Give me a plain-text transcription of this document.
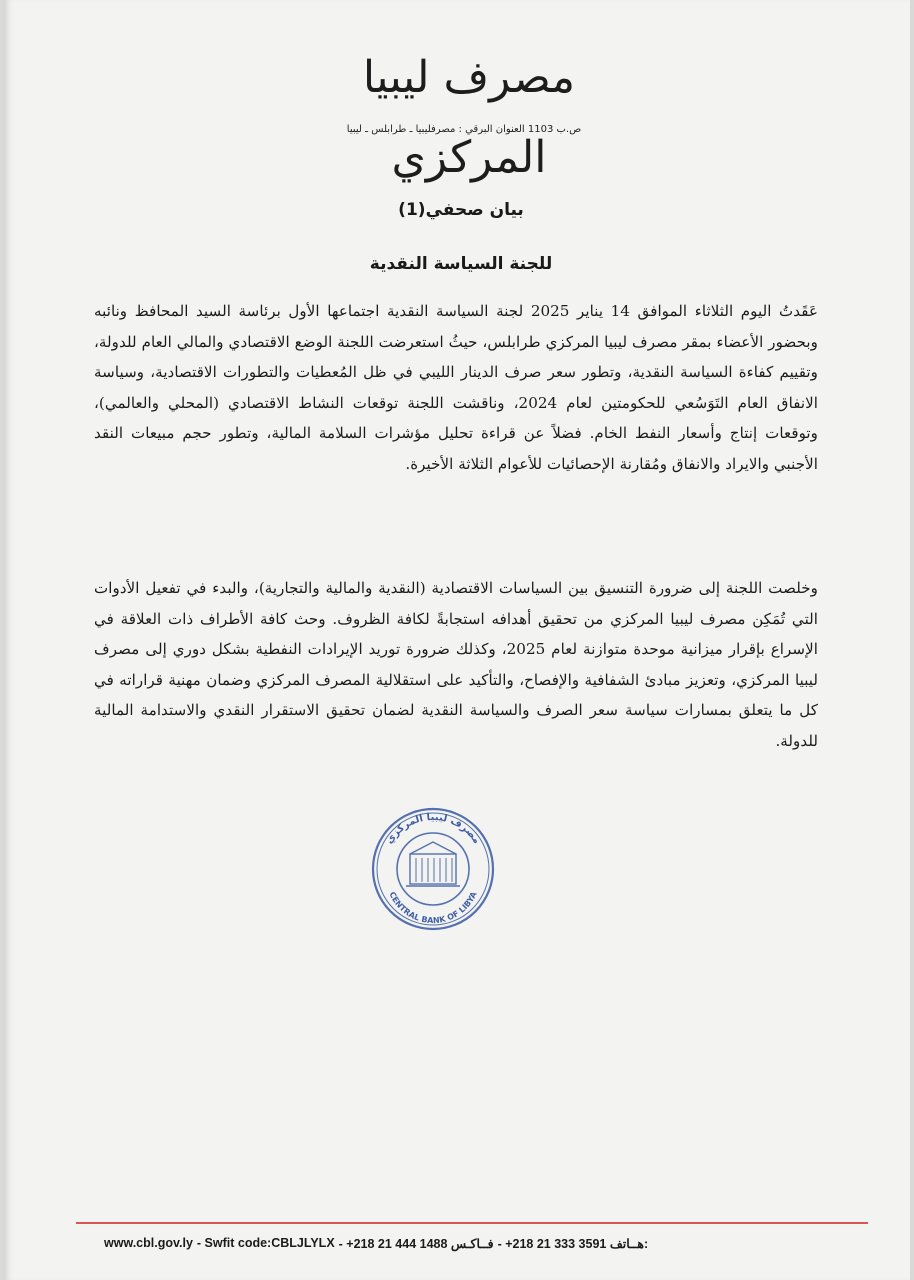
مصرف ليبيا المركزي
ص.ب 1103 العنوان البرقي : مصرفليبيا ـ طرابلس ـ ليبيا
بيان صحفي(1)
للجنة السياسة النقدية

عَقَدتُ اليوم الثلاثاء الموافق 14 يناير 2025 لجنة السياسة النقدية اجتماعها الأول برئاسة السيد المحافظ ونائبه وبحضور الأعضاء بمقر مصرف ليبيا المركزي طرابلس، حيثُ استعرضت اللجنة الوضع الاقتصادي والمالي العام للدولة، وتقييم كفاءة السياسة النقدية، وتطور سعر صرف الدينار الليبي في ظل المُعطيات والتطورات الاقتصادية، وسياسة الانفاق العام التَوَسُعي للحكومتين لعام 2024، وناقشت اللجنة توقعات النشاط الاقتصادي (المحلي والعالمي)، وتوقعات إنتاج وأسعار النفط الخام. فضلاً عن قراءة تحليل مؤشرات السلامة المالية، وتطور حجم مبيعات النقد الأجنبي والايراد والانفاق ومُقارنة الإحصائيات للأعوام الثلاثة الأخيرة.

وخلصت اللجنة إلى ضرورة التنسيق بين السياسات الاقتصادية (النقدية والمالية والتجارية)، والبدء في تفعيل الأدوات التي تُمَكِن مصرف ليبيا المركزي من تحقيق أهدافه استجابةً لكافة الظروف. وحث كافة الأطراف ذات العلاقة في الإسراع بإقرار ميزانية موحدة متوازنة لعام 2025، وكذلك ضرورة توريد الإيرادات النفطية بشكل دوري إلى مصرف ليبيا المركزي، وتعزيز مبادئ الشفافية والإفصاح، والتأكيد على استقلالية المصرف المركزي وضمان مهنية قراراته في كل ما يتعلق بمسارات سياسة سعر الصرف والسياسة النقدية لضمان تحقيق الاستقرار النقدي والاستدامة المالية للدولة.

مصرف ليبيا المركزي
CENTRAL BANK OF LIBYA
www.cbl.gov.ly - Swfit code:CBLJLYLX - +218 21 444 1488 فــاكـس - +218 21 333 3591 هــاتف:
